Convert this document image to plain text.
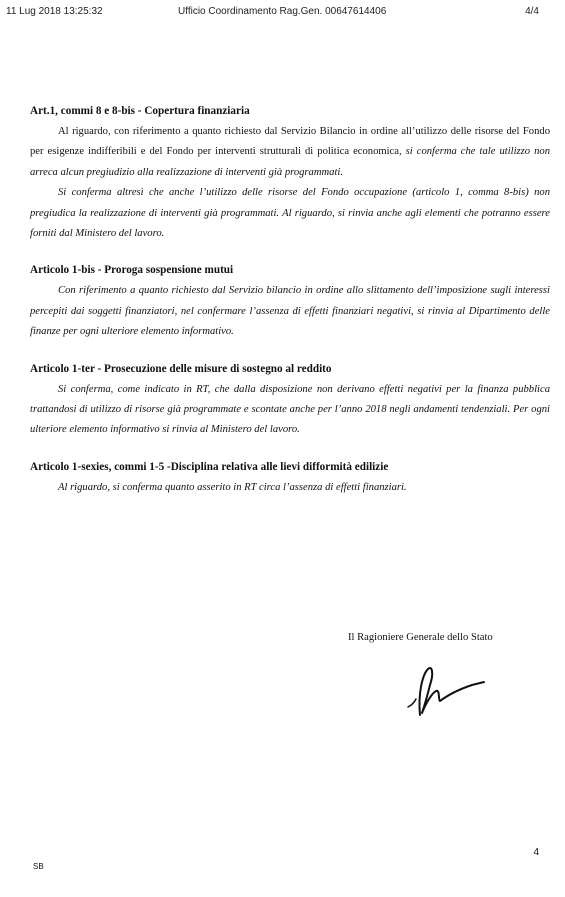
11 Lug 2018 13:25:32	Ufficio Coordinamento Rag.Gen. 00647614406	4/4
Art.1, commi 8 e 8-bis - Copertura finanziaria

Al riguardo, con riferimento a quanto richiesto dal Servizio Bilancio in ordine all’utilizzo delle risorse del Fondo per esigenze indifferibili e del Fondo per interventi strutturali di politica economica, si conferma che tale utilizzo non arreca alcun pregiudizio alla realizzazione di interventi già programmati.

Si conferma altresì che anche l’utilizzo delle risorse del Fondo occupazione (articolo 1, comma 8-bis) non pregiudica la realizzazione di interventi già programmati. Al riguardo, si rinvia anche agli elementi che potranno essere forniti dal Ministero del lavoro.

Articolo 1-bis - Proroga sospensione mutui

Con riferimento a quanto richiesto dal Servizio bilancio in ordine allo slittamento dell’imposizione sugli interessi percepiti dai soggetti finanziatori, nel confermare l’assenza di effetti finanziari negativi, si rinvia al Dipartimento delle finanze per ogni ulteriore elemento informativo.

Articolo 1-ter - Prosecuzione delle misure di sostegno al reddito

Si conferma, come indicato in RT, che dalla disposizione non derivano effetti negativi per la finanza pubblica trattandosi di utilizzo di risorse già programmate e scontate anche per l’anno 2018 negli andamenti tendenziali. Per ogni ulteriore elemento informativo si rinvia al Ministero del lavoro.

Articolo 1-sexies, commi 1-5 -Disciplina relativa alle lievi difformità edilizie

Al riguardo, si conferma quanto asserito in RT circa l’assenza di effetti finanziari.

Il Ragioniere Generale dello Stato
SB
4
